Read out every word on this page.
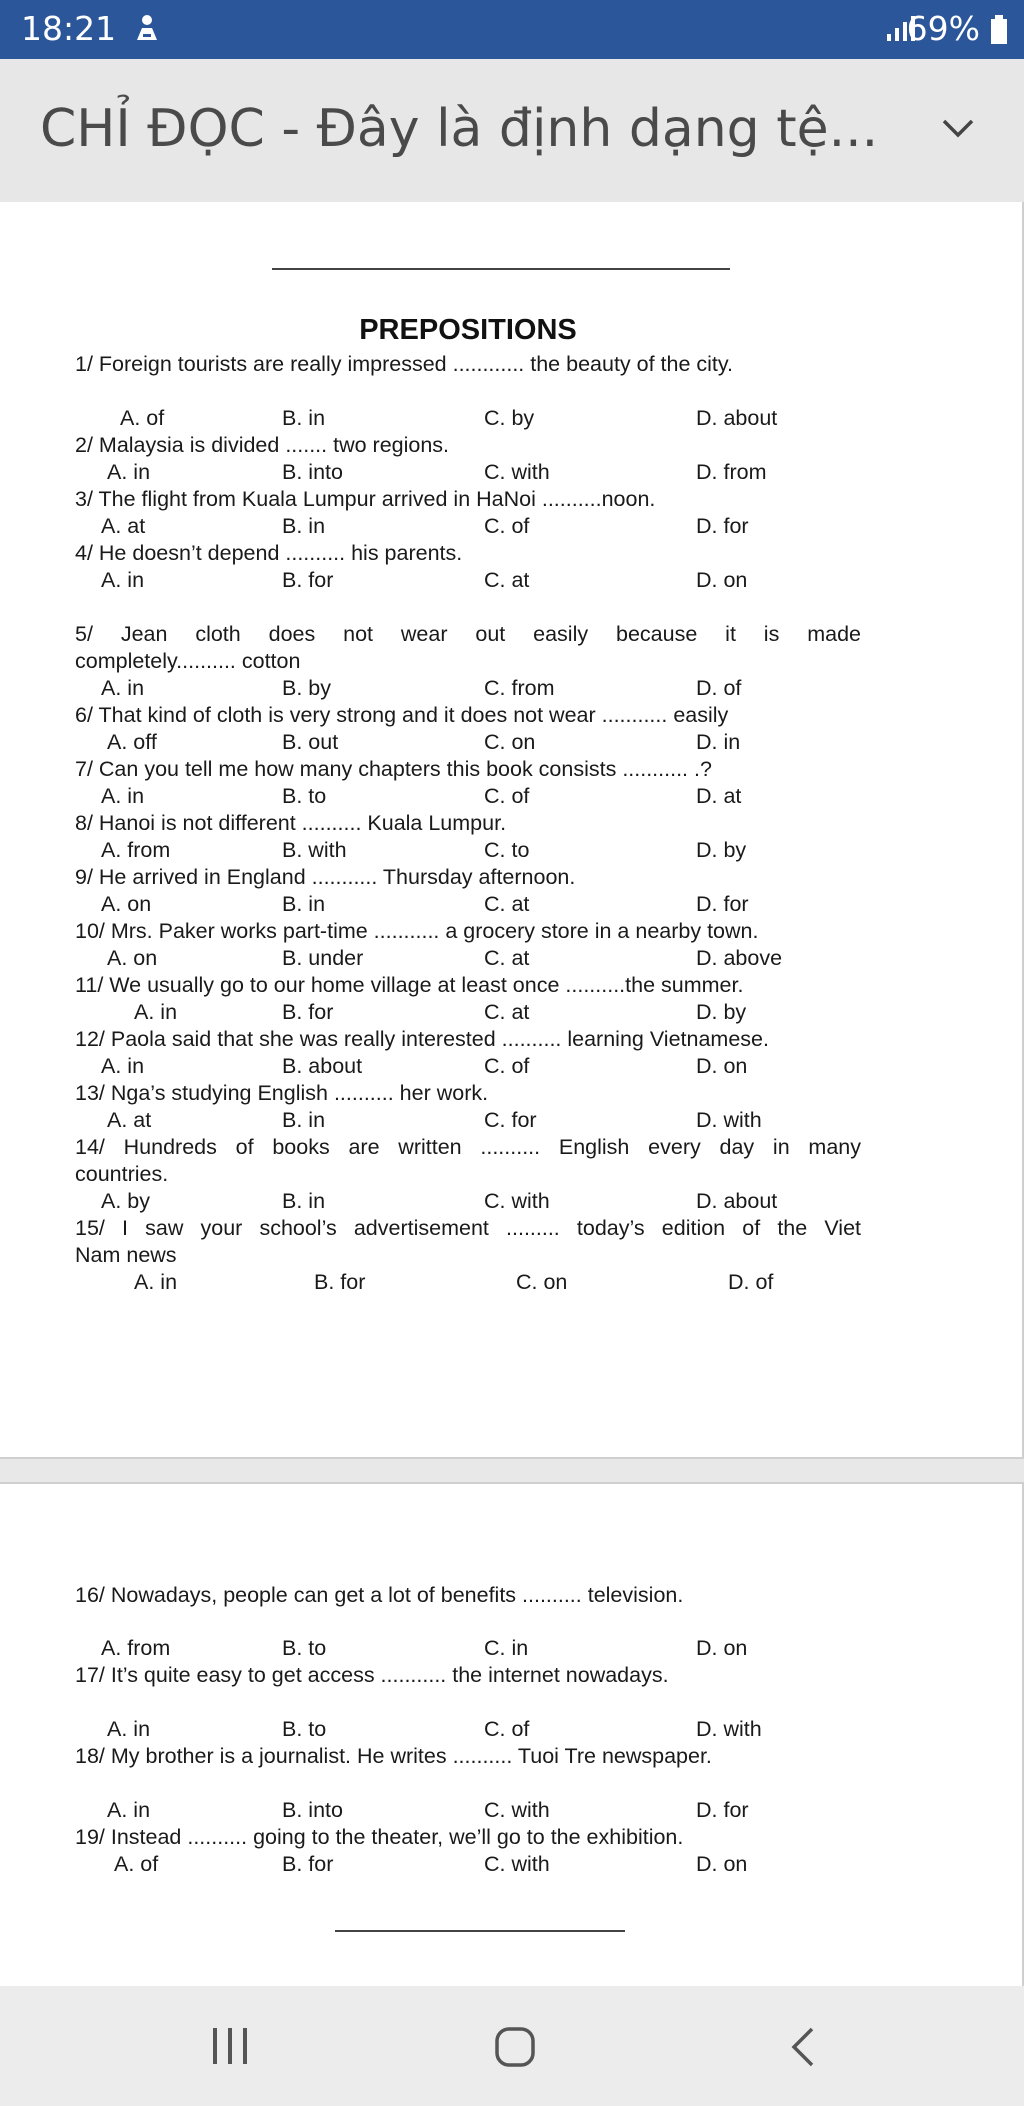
18:21	69%
CHỈ ĐỌC - Đây là định dạng tệ...
PREPOSITIONS
1/ Foreign tourists are really impressed ............ the beauty of the city.
A. of	B. in	C. by	D. about
2/ Malaysia is divided ....... two regions.
A. in	B. into	C. with	D. from
3/ The flight from Kuala Lumpur arrived in HaNoi ..........noon.
A. at	B. in	C. of	D. for
4/ He doesn’t depend .......... his parents.
A. in	B. for	C. at	D. on
5/ Jean cloth does not wear out easily because it is made
completely.......... cotton
A. in	B. by	C. from	D. of
6/ That kind of cloth is very strong and it does not wear ........... easily
A. off	B. out	C. on	D. in
7/ Can you tell me how many chapters this book consists ........... .?
A. in	B. to	C. of	D. at
8/ Hanoi is not different .......... Kuala Lumpur.
A. from	B. with	C. to	D. by
9/ He arrived in England ........... Thursday afternoon.
A. on	B. in	C. at	D. for
10/ Mrs. Paker works part-time ........... a grocery store in a nearby town.
A. on	B. under	C. at	D. above
11/ We usually go to our home village at least once ..........the summer.
A. in	B. for	C. at	D. by
12/ Paola said that she was really interested .......... learning Vietnamese.
A. in	B. about	C. of	D. on
13/ Nga’s studying English .......... her work.
A. at	B. in	C. for	D. with
14/ Hundreds of books are written .......... English every day in many
countries.
A. by	B. in	C. with	D. about
15/ I saw your school’s advertisement ......... today’s edition of the Viet
Nam news
A. in	B. for	C. on	D. of
16/ Nowadays, people can get a lot of benefits .......... television.
A. from	B. to	C. in	D. on
17/ It’s quite easy to get access ........... the internet nowadays.
A. in	B. to	C. of	D. with
18/ My brother is a journalist. He writes .......... Tuoi Tre newspaper.
A. in	B. into	C. with	D. for
19/ Instead .......... going to the theater, we’ll go to the exhibition.
A. of	B. for	C. with	D. on
